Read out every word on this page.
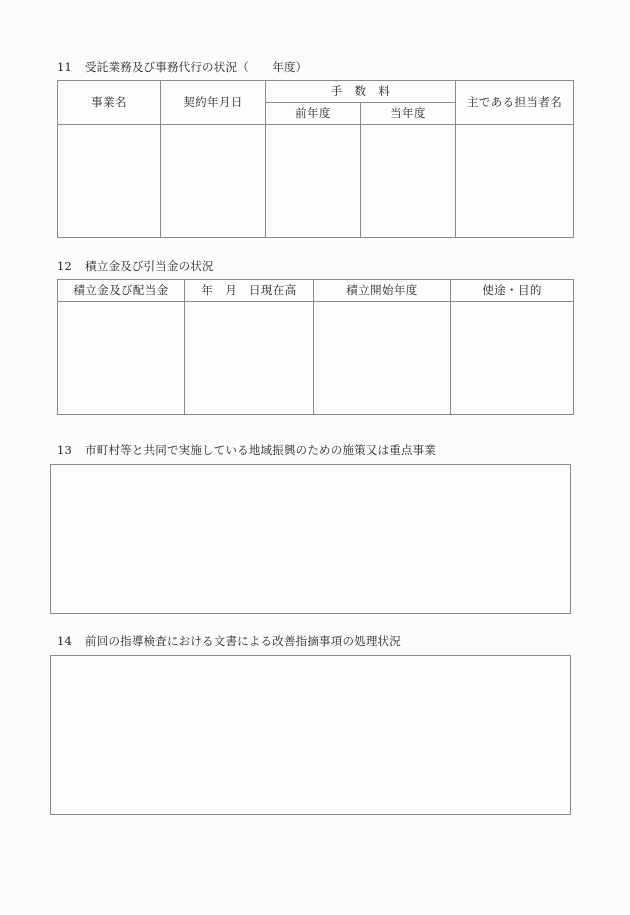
11 受託業務及び事務代行の状況（　　年度）
事業名	契約年月日	手　数　料		主である担当者名
		前年度	当年度	

12 積立金及び引当金の状況
積立金及び配当金	年　月　日現在高	積立開始年度	使途・目的

13 市町村等と共同で実施している地域振興のための施策又は重点事業
14 前回の指導検査における文書による改善指摘事項の処理状況
